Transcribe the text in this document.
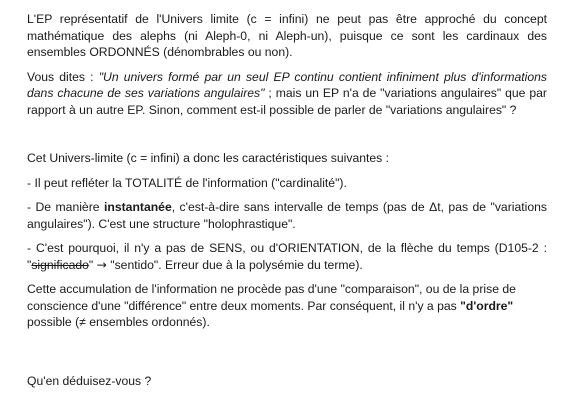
L'EP représentatif de l'Univers limite (c = infini) ne peut pas être approché du concept mathématique des alephs (ni Aleph-0, ni Aleph-un), puisque ce sont les cardinaux des ensembles ORDONNÉS (dénombrables ou non).

Vous dites : "Un univers formé par un seul EP continu contient infiniment plus d'informations dans chacune de ses variations angulaires" ; mais un EP n'a de "variations angulaires" que par rapport à un autre EP. Sinon, comment est-il possible de parler de "variations angulaires" ?

Cet Univers-limite (c = infini) a donc les caractéristiques suivantes :

- Il peut refléter la TOTALITÉ de l'information ("cardinalité").

- De manière instantanée, c'est-à-dire sans intervalle de temps (pas de Δt, pas de "variations angulaires"). C'est une structure "holophrastique".

- C'est pourquoi, il n'y a pas de SENS, ou d'ORIENTATION, de la flèche du temps (D105-2 : "significado" → "sentido". Erreur due à la polysémie du terme).

Cette accumulation de l'information ne procède pas d'une "comparaison", ou de la prise de conscience d'une "différence" entre deux moments. Par conséquent, il n'y a pas "d'ordre" possible (≠ ensembles ordonnés).

Qu'en déduisez-vous ?
